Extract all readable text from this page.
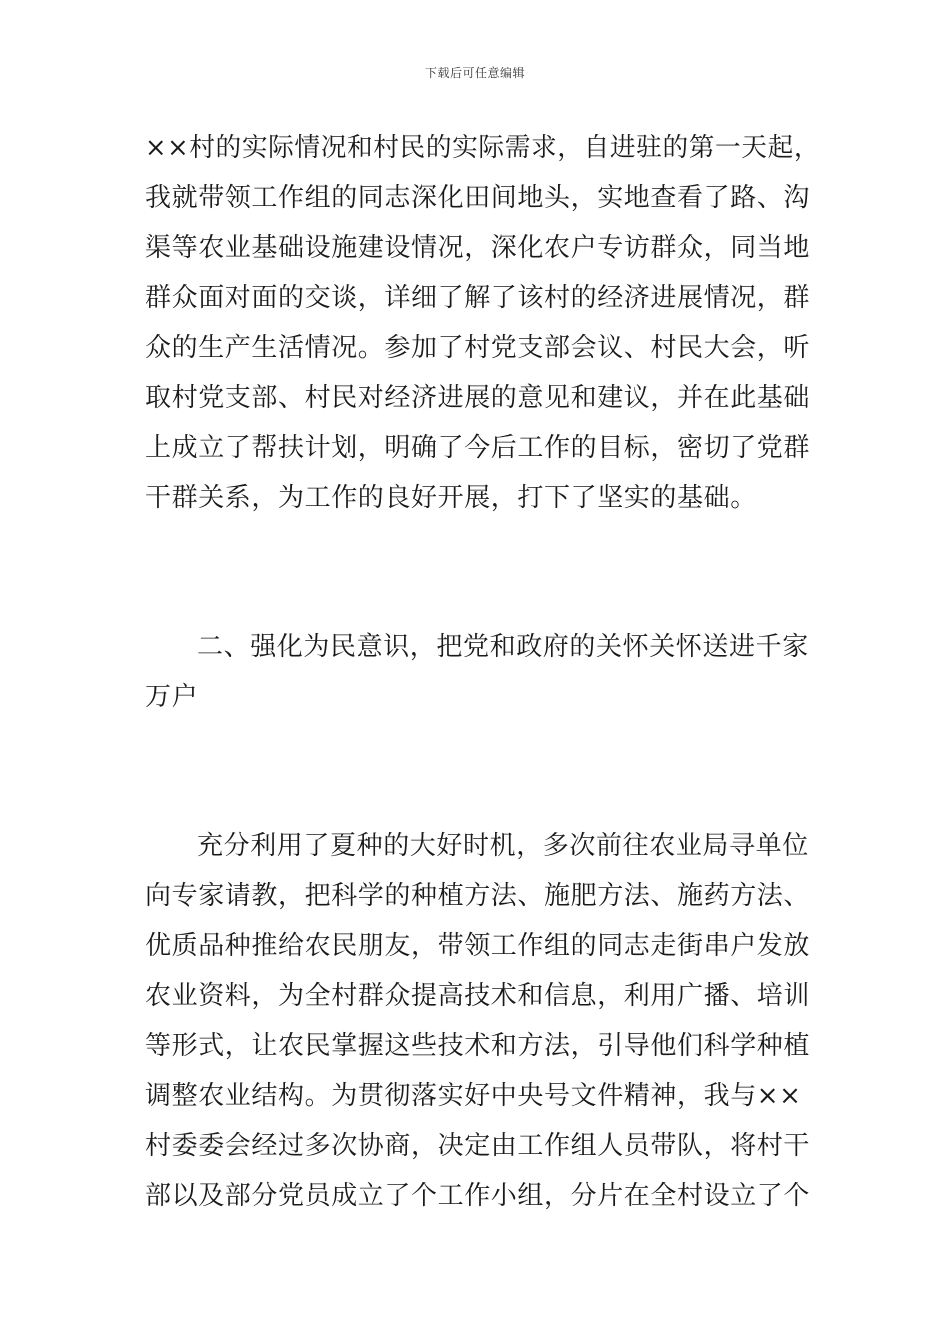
下载后可任意编辑
××村的实际情况和村民的实际需求，自进驻的第一天起，
我就带领工作组的同志深化田间地头，实地查看了路、沟
渠等农业基础设施建设情况，深化农户专访群众，同当地
群众面对面的交谈，详细了解了该村的经济进展情况，群
众的生产生活情况。参加了村党支部会议、村民大会，听
取村党支部、村民对经济进展的意见和建议，并在此基础
上成立了帮扶计划，明确了今后工作的目标，密切了党群
干群关系，为工作的良好开展，打下了坚实的基础。
二、强化为民意识，把党和政府的关怀关怀送进千家
万户
充分利用了夏种的大好时机，多次前往农业局寻单位
向专家请教，把科学的种植方法、施肥方法、施药方法、
优质品种推给农民朋友，带领工作组的同志走街串户发放
农业资料，为全村群众提高技术和信息，利用广播、培训
等形式，让农民掌握这些技术和方法，引导他们科学种植
调整农业结构。为贯彻落实好中央号文件精神，我与××
村委委会经过多次协商，决定由工作组人员带队，将村干
部以及部分党员成立了个工作小组，分片在全村设立了个
